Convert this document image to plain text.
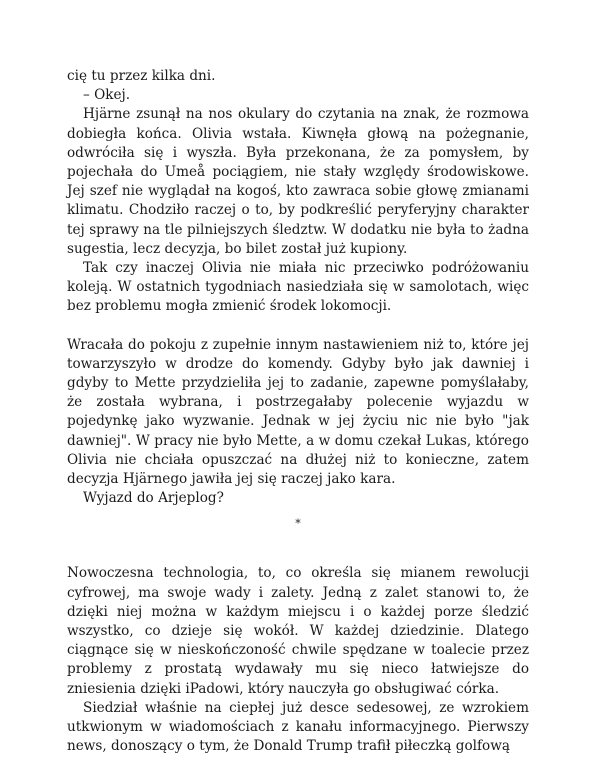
cię tu przez kilka dni.

– Okej.

Hjärne zsunął na nos okulary do czytania na znak, że rozmowa dobiegła końca. Olivia wstała. Kiwnęła głową na pożegnanie, odwróciła się i wyszła. Była przekonana, że za pomysłem, by pojechała do Umeå pociągiem, nie stały względy środowiskowe. Jej szef nie wyglądał na kogoś, kto zawraca sobie głowę zmianami klimatu. Chodziło raczej o to, by podkreślić peryferyjny charakter tej sprawy na tle pilniejszych śledztw. W dodatku nie była to żadna sugestia, lecz decyzja, bo bilet został już kupiony.

Tak czy inaczej Olivia nie miała nic przeciwko podróżowaniu koleją. W ostatnich tygodniach nasiedziała się w samolotach, więc bez problemu mogła zmienić środek lokomocji.

Wracała do pokoju z zupełnie innym nastawieniem niż to, które jej towarzyszyło w drodze do komendy. Gdyby było jak dawniej i gdyby to Mette przydzieliła jej to zadanie, zapewne pomyślałaby, że została wybrana, i postrzegałaby polecenie wyjazdu w pojedynkę jako wyzwanie. Jednak w jej życiu nic nie było "jak dawniej". W pracy nie było Mette, a w domu czekał Lukas, którego Olivia nie chciała opuszczać na dłużej niż to konieczne, zatem decyzja Hjärnego jawiła jej się raczej jako kara.

Wyjazd do Arjeplog?

*

Nowoczesna technologia, to, co określa się mianem rewolucji cyfrowej, ma swoje wady i zalety. Jedną z zalet stanowi to, że dzięki niej można w każdym miejscu i o każdej porze śledzić wszystko, co dzieje się wokół. W każdej dziedzinie. Dlatego ciągnące się w nieskończoność chwile spędzane w toalecie przez problemy z prostatą wydawały mu się nieco łatwiejsze do zniesienia dzięki iPadowi, który nauczyła go obsługiwać córka.

Siedział właśnie na ciepłej już desce sedesowej, ze wzrokiem utkwionym w wiadomościach z kanału informacyjnego. Pierwszy news, donoszący o tym, że Donald Trump trafił piłeczką golfową
